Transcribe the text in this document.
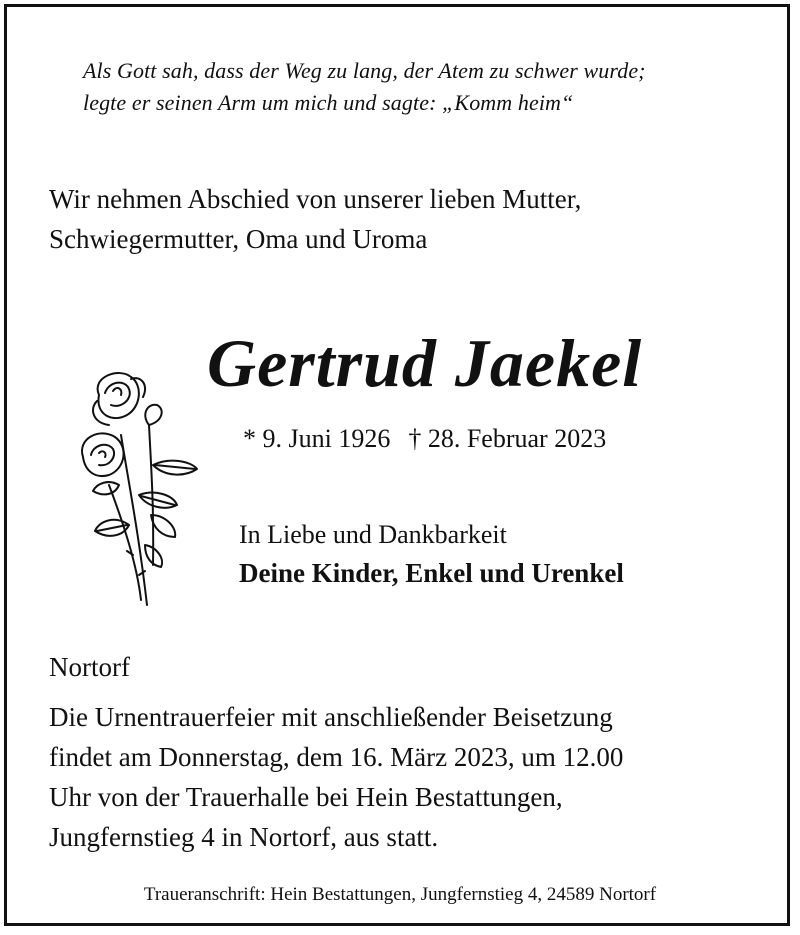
Als Gott sah, dass der Weg zu lang, der Atem zu schwer wurde;
legte er seinen Arm um mich und sagte: „Komm heim“
Wir nehmen Abschied von unserer lieben Mutter,
Schwiegermutter, Oma und Uroma
Gertrud Jaekel
* 9. Juni 1926 † 28. Februar 2023
In Liebe und Dankbarkeit
Deine Kinder, Enkel und Urenkel
Nortorf
Die Urnentrauerfeier mit anschließender Beisetzung
findet am Donnerstag, dem 16. März 2023, um 12.00
Uhr von der Trauerhalle bei Hein Bestattungen,
Jungfernstieg 4 in Nortorf, aus statt.
Traueranschrift: Hein Bestattungen, Jungfernstieg 4, 24589 Nortorf
